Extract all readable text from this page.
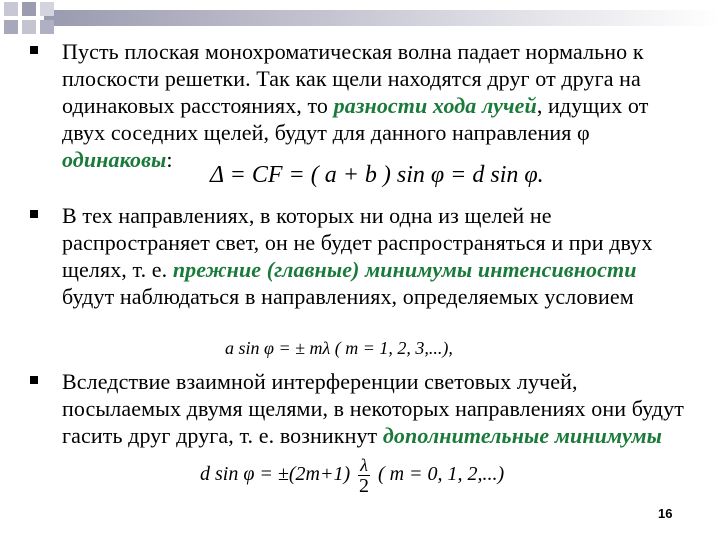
Пусть плоская монохроматическая волна падает нормально к плоскости решетки. Так как щели находятся друг от друга на одинаковых расстояниях, то разности хода лучей, идущих от двух соседних щелей, будут для данного направления φ одинаковы:
Δ = CF = ( a + b ) sin φ = d sin φ.
В тех направлениях, в которых ни одна из щелей не распространяет свет, он не будет распространяться и при двух щелях, т. е. прежние (главные) минимумы интенсивности будут наблюдаться в направлениях, определяемых условием
a sin φ = ± mλ ( m = 1, 2, 3,...),
Вследствие взаимной интерференции световых лучей, посылаемых двумя щелями, в некоторых направлениях они будут гасить друг друга, т. е. возникнут дополнительные минимумы
d $\sin \varphi = \pm(2m+1) \frac{\lambda}{2}$ ( m = 0, 1, 2,...)
16
